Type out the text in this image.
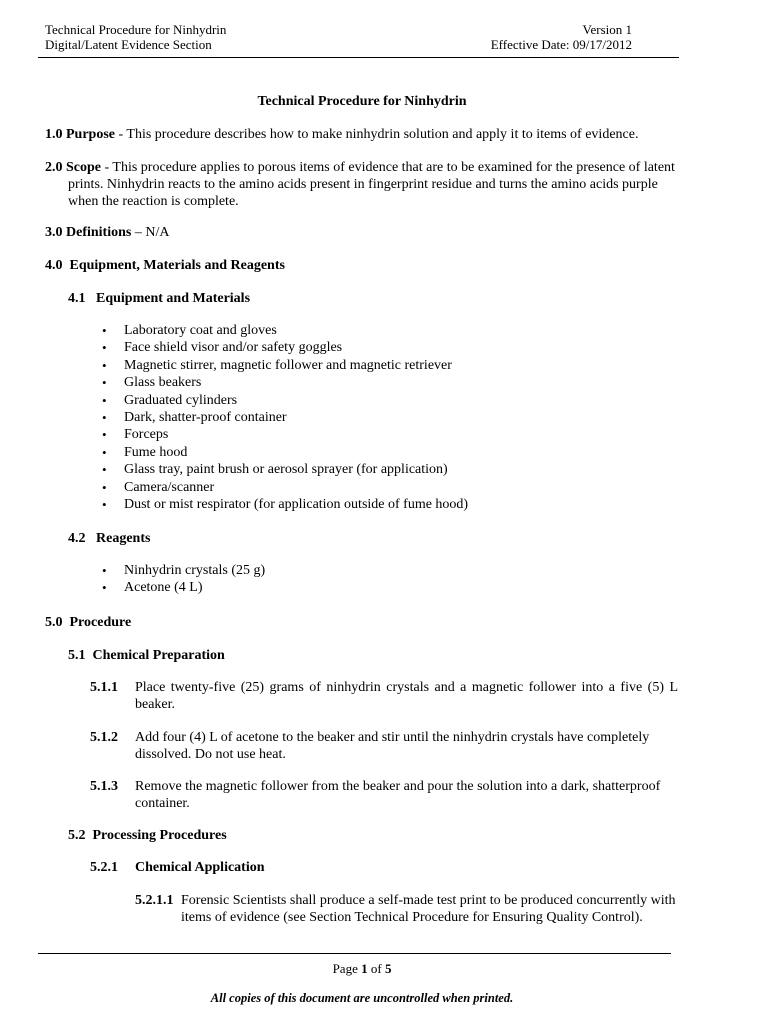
Technical Procedure for Ninhydrin
Digital/Latent Evidence Section
Version 1
Effective Date: 09/17/2012
Technical Procedure for Ninhydrin
1.0 Purpose - This procedure describes how to make ninhydrin solution and apply it to items of evidence.
2.0 Scope - This procedure applies to porous items of evidence that are to be examined for the presence of latent
prints. Ninhydrin reacts to the amino acids present in fingerprint residue and turns the amino acids purple
when the reaction is complete.
3.0 Definitions – N/A
4.0  Equipment, Materials and Reagents
4.1   Equipment and Materials
• Laboratory coat and gloves
• Face shield visor and/or safety goggles
• Magnetic stirrer, magnetic follower and magnetic retriever
• Glass beakers
• Graduated cylinders
• Dark, shatter-proof container
• Forceps
• Fume hood
• Glass tray, paint brush or aerosol sprayer (for application)
• Camera/scanner
• Dust or mist respirator (for application outside of fume hood)
4.2   Reagents
• Ninhydrin crystals (25 g)
• Acetone (4 L)
5.0  Procedure
5.1  Chemical Preparation
5.1.1 Place twenty-five (25) grams of ninhydrin crystals and a magnetic follower into a five (5) L
beaker.
5.1.2 Add four (4) L of acetone to the beaker and stir until the ninhydrin crystals have completely
dissolved. Do not use heat.
5.1.3 Remove the magnetic follower from the beaker and pour the solution into a dark, shatterproof
container.
5.2  Processing Procedures
5.2.1 Chemical Application
5.2.1.1 Forensic Scientists shall produce a self-made test print to be produced concurrently with
items of evidence (see Section Technical Procedure for Ensuring Quality Control).
Page 1 of 5
All copies of this document are uncontrolled when printed.
